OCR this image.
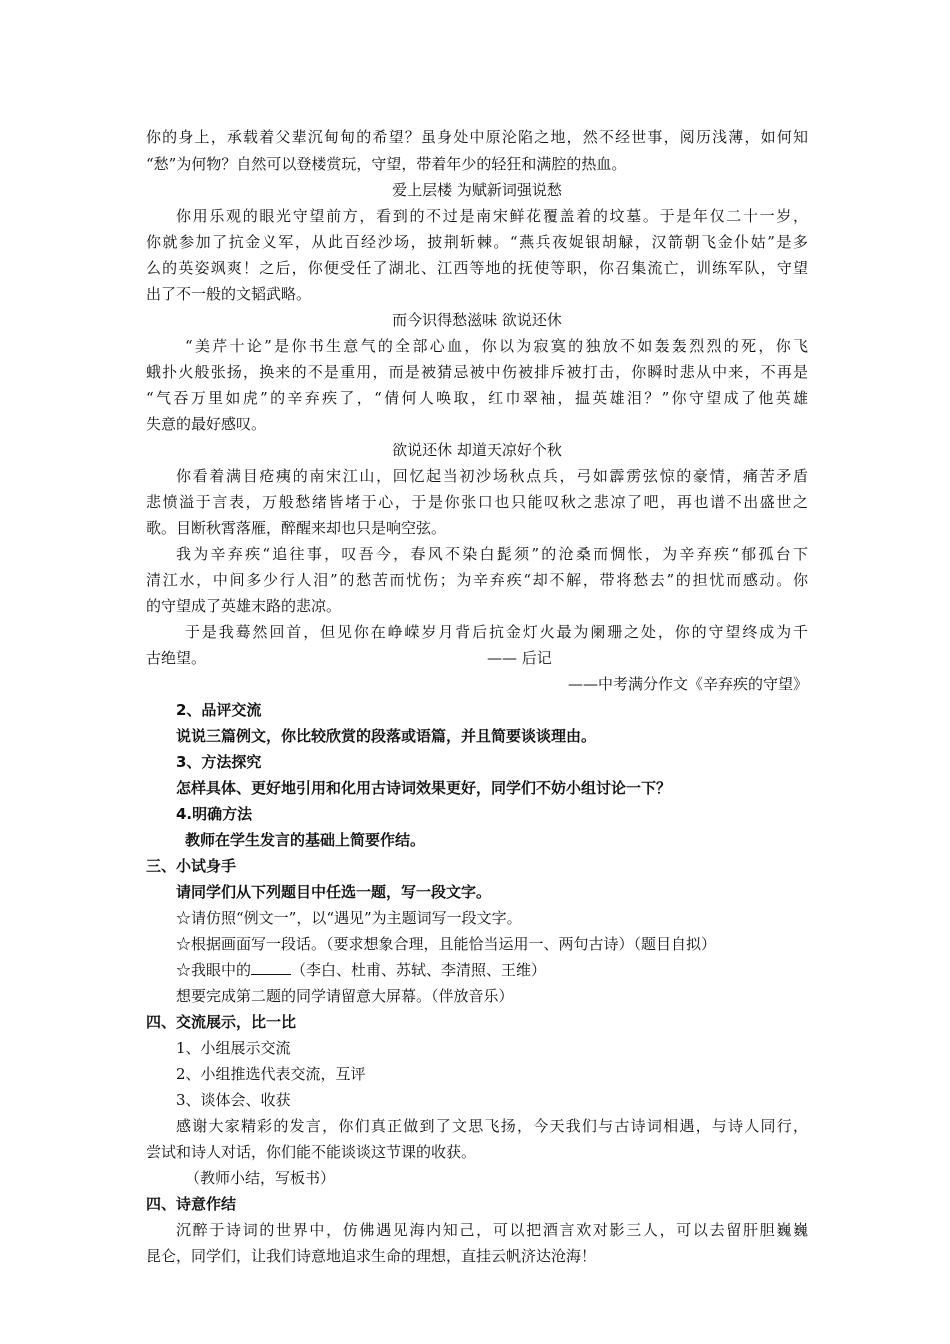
你的身上，承载着父辈沉甸甸的希望？虽身处中原沦陷之地，然不经世事，阅历浅薄，如何知
“愁”为何物？自然可以登楼赏玩，守望，带着年少的轻狂和满腔的热血。
爱上层楼 为赋新词强说愁
你用乐观的眼光守望前方，看到的不过是南宋鲜花覆盖着的坟墓。于是年仅二十一岁，
你就参加了抗金义军，从此百经沙场，披荆斩棘。“燕兵夜娖银胡觮，汉箭朝飞金仆姑”是多
么的英姿飒爽！之后，你便受任了湖北、江西等地的抚使等职，你召集流亡，训练军队，守望
出了不一般的文韬武略。
而今识得愁滋味 欲说还休
“美芹十论”是你书生意气的全部心血，你以为寂寞的独放不如轰轰烈烈的死，你飞
蛾扑火般张扬，换来的不是重用，而是被猜忌被中伤被排斥被打击，你瞬时悲从中来，不再是
“气吞万里如虎”的辛弃疾了，“倩何人唤取，红巾翠袖，揾英雄泪？”你守望成了他英雄
失意的最好感叹。
欲说还休 却道天凉好个秋
你看着满目疮痍的南宋江山，回忆起当初沙场秋点兵，弓如霹雳弦惊的豪情，痛苦矛盾
悲愤溢于言表，万般愁绪皆堵于心，于是你张口也只能叹秋之悲凉了吧，再也谱不出盛世之
歌。目断秋霄落雁，醉醒来却也只是响空弦。
我为辛弃疾“追往事，叹吾今，春风不染白髭须”的沧桑而惆怅，为辛弃疾“郁孤台下
清江水，中间多少行人泪”的愁苦而忧伤；为辛弃疾“却不解，带将愁去”的担忧而感动。你
的守望成了英雄末路的悲凉。
于是我蓦然回首，但见你在峥嵘岁月背后抗金灯火最为阑珊之处，你的守望终成为千
古绝望。	—— 后记
——中考满分作文《辛弃疾的守望》
2、品评交流
说说三篇例文，你比较欣赏的段落或语篇，并且简要谈谈理由。
3、方法探究
怎样具体、更好地引用和化用古诗词效果更好，同学们不妨小组讨论一下？
4.明确方法
教师在学生发言的基础上简要作结。
三、小试身手
请同学们从下列题目中任选一题，写一段文字。
☆请仿照“例文一”，以“遇见”为主题词写一段文字。
☆根据画面写一段话。（要求想象合理，且能恰当运用一、两句古诗）（题目自拟）
☆我眼中的	（李白、杜甫、苏轼、李清照、王维）
想要完成第二题的同学请留意大屏幕。（伴放音乐）
四、交流展示，比一比
1、小组展示交流
2、小组推选代表交流，互评
3、谈体会、收获
感谢大家精彩的发言，你们真正做到了文思飞扬，今天我们与古诗词相遇，与诗人同行，
尝试和诗人对话，你们能不能谈谈这节课的收获。
（教师小结，写板书）
四、诗意作结
沉醉于诗词的世界中，仿佛遇见海内知己，可以把酒言欢对影三人，可以去留肝胆巍巍
昆仑，同学们，让我们诗意地追求生命的理想，直挂云帆济达沧海！
